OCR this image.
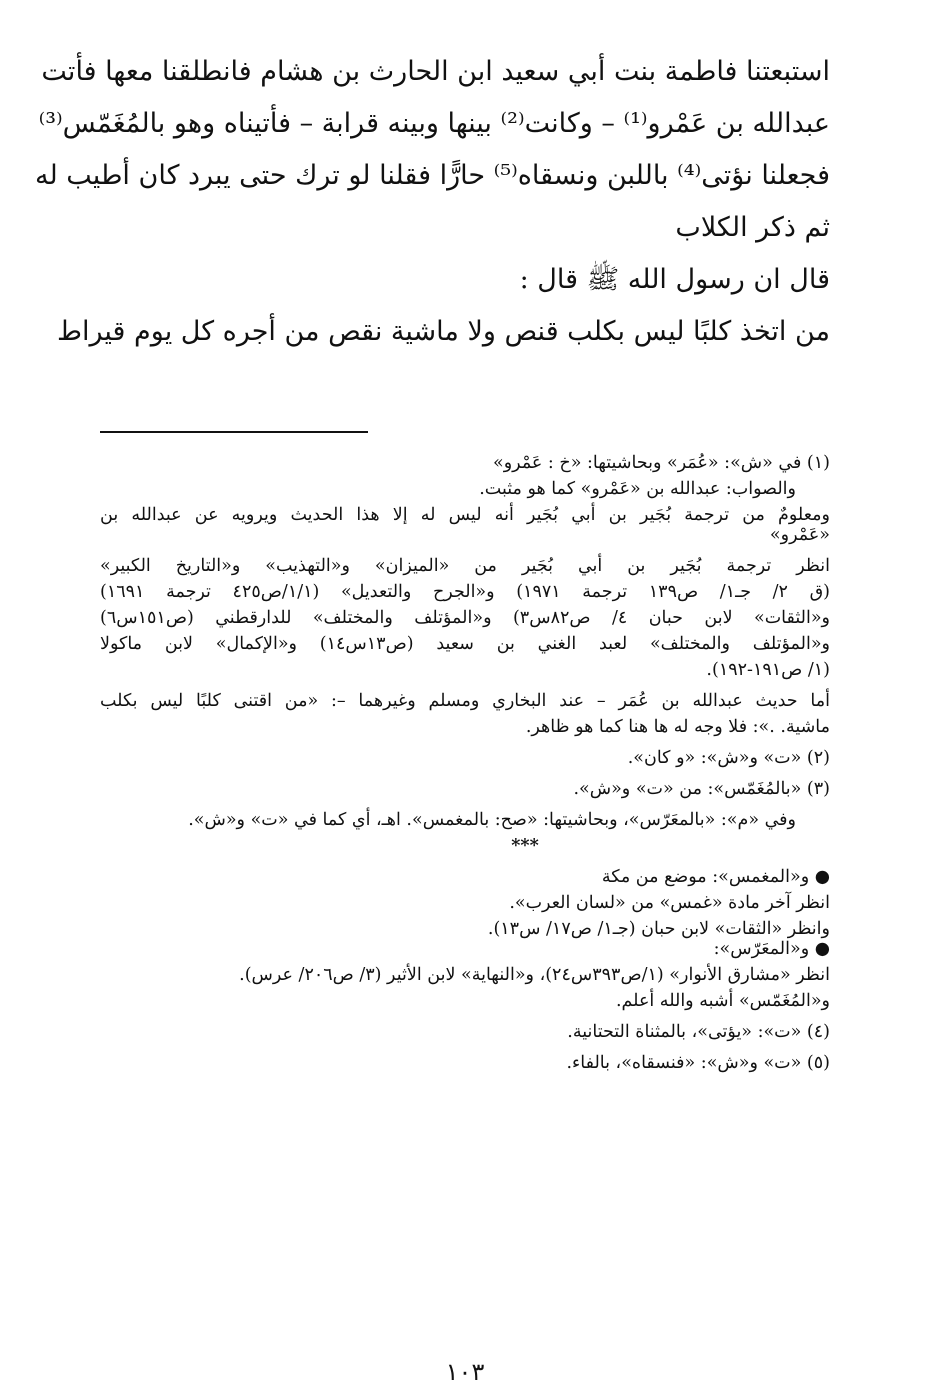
استبعتنا فاطمة بنت أبي سعيد ابن الحارث بن هشام فانطلقنا معها فأتت

عبدالله بن عَمْرو⁽¹⁾ – وكانت⁽²⁾ بينها وبينه قرابة – فأتيناه وهو بالمُغَمّس⁽³⁾

فجعلنا نؤتى⁽⁴⁾ باللبن ونسقاه⁽⁵⁾ حارًّا فقلنا لو ترك حتى يبرد كان أطيب له

ثم ذكر الكلاب

قال ان رسول الله ﷺ قال :

من اتخذ كلبًا ليس بكلب قنص ولا ماشية نقص من أجره كل يوم قيراط

(١) في «ش»: «عُمَر» وبحاشيتها: «خ : عَمْرو»

والصواب: عبدالله بن «عَمْرو» كما هو مثبت.

ومعلومٌ من ترجمة بُجَير بن أبي بُجَير أنه ليس له إلا هذا الحديث ويرويه عن عبدالله بن

«عَمْرو»

انظر ترجمة بُجَير بن أبي بُجَير من «الميزان» و«التهذيب» و«التاريخ الكبير»

(ق ٢/ جـ١/ ص١٣٩ ترجمة ١٩٧١) و«الجرح والتعديل» (١/١/ص٤٢٥ ترجمة ١٦٩١)

و«الثقات» لابن حبان ٤/ ص٨٢س٣) و«المؤتلف والمختلف» للدارقطني (ص١٥١س٦)

و«المؤتلف والمختلف» لعبد الغني بن سعيد (ص١٣س١٤) و«الإكمال» لابن ماكولا

(١/ ص١٩١-١٩٢).

أما حديث عبدالله بن عُمَر – عند البخاري ومسلم وغيرهما –: «من اقتنى كلبًا ليس بكلب

ماشية. .»: فلا وجه له ها هنا كما هو ظاهر.

(٢) «ت» و«ش»: «و كان».

(٣) «بالمُغَمّس»: من «ت» و«ش».

وفي «م»: «بالمعَرّس»، وبحاشيتها: «صح: بالمغمس». اهـ، أي كما في «ت» و«ش».

***

● و«المغمس»: موضع من مكة

انظر آخر مادة «غمس» من «لسان العرب».

وانظر «الثقات» لابن حبان (جـ١/ ص١٧/ س١٣).

● و«المعَرّس»:

انظر «مشارق الأنوار» (١/ص٣٩٣س٢٤)، و«النهاية» لابن الأثير (٣/ ص٢٠٦/ عرس).

و«المُغَمّس» أشبه والله أعلم.

(٤) «ت»: «يؤتى»، بالمثناة التحتانية.

(٥) «ت» و«ش»: «فنسقاه»، بالفاء.

١٠٣
